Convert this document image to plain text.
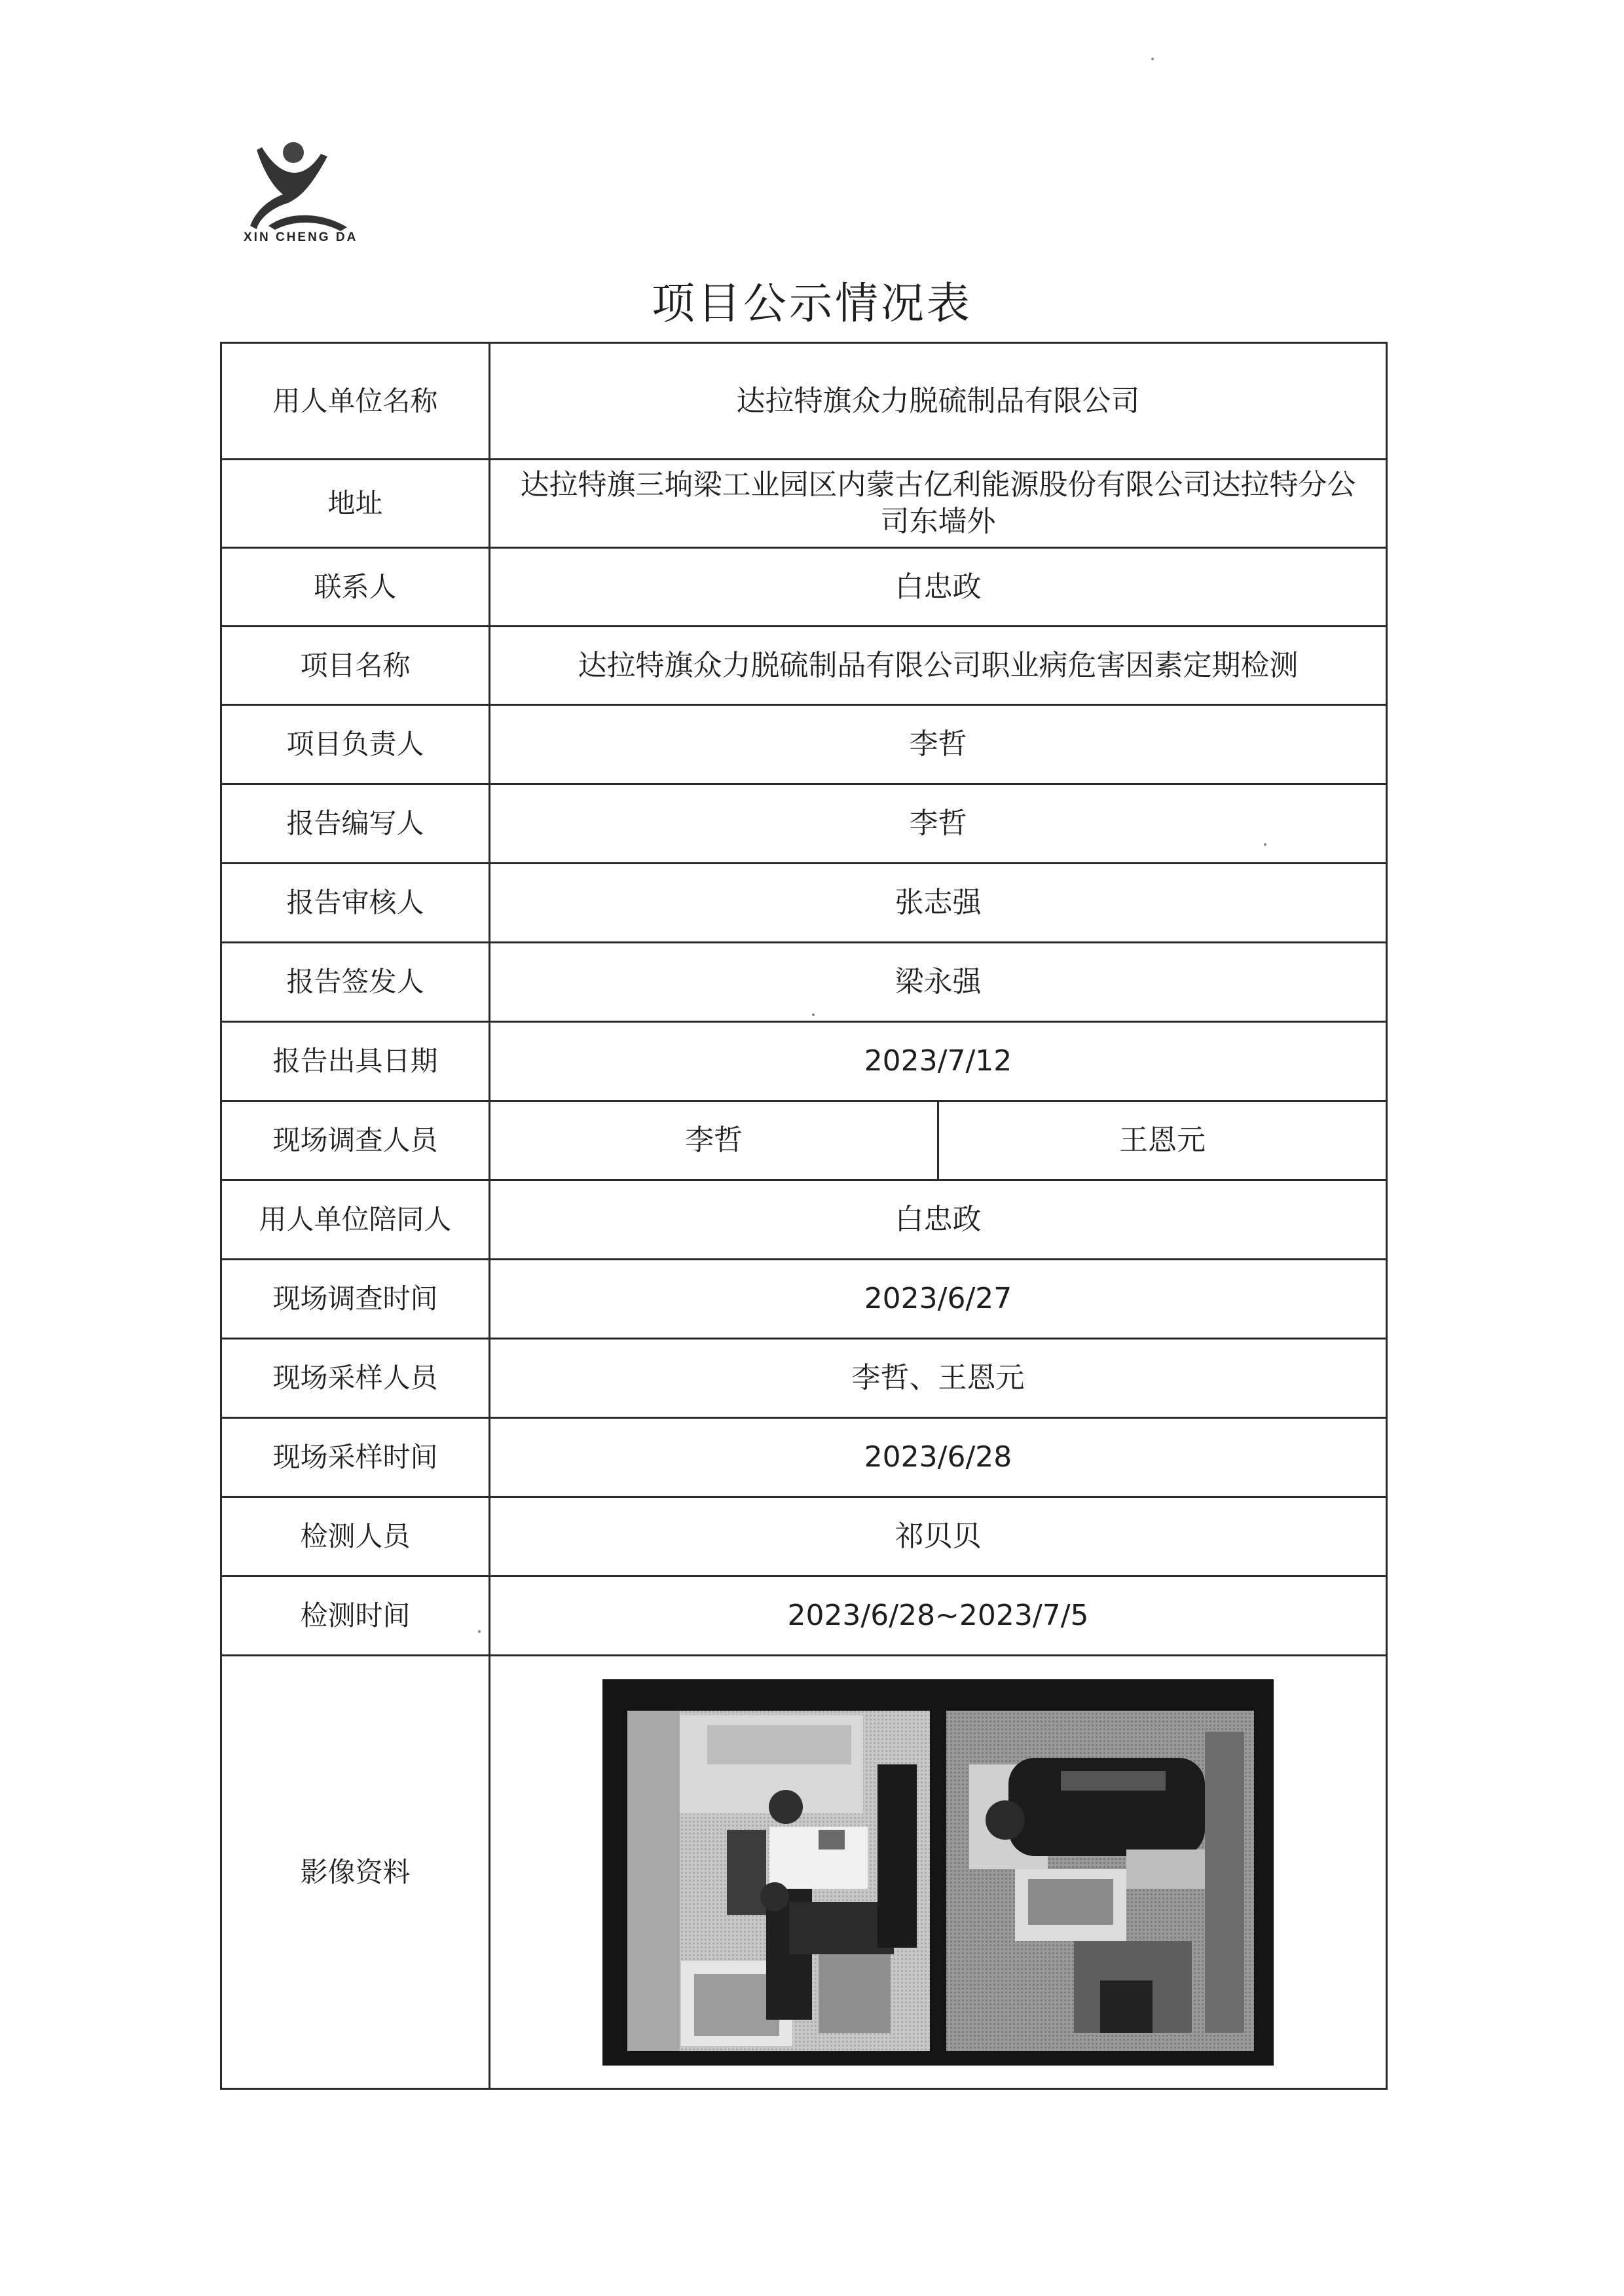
XIN CHENG DA
项目公示情况表
用人单位名称	达拉特旗众力脱硫制品有限公司	
地址	达拉特旗三垧梁工业园区内蒙古亿利能源股份有限公司达拉特分公司东墙外	
联系人	白忠政	
项目名称	达拉特旗众力脱硫制品有限公司职业病危害因素定期检测	
项目负责人	李哲	
报告编写人	李哲	
报告审核人	张志强	
报告签发人	梁永强	
报告出具日期	2023/7/12	
现场调查人员	李哲	王恩元
用人单位陪同人	白忠政	
现场调查时间	2023/6/27	
现场采样人员	李哲、王恩元	
现场采样时间	2023/6/28	
检测人员	祁贝贝	
检测时间	2023/6/28~2023/7/5	
影像资料	
